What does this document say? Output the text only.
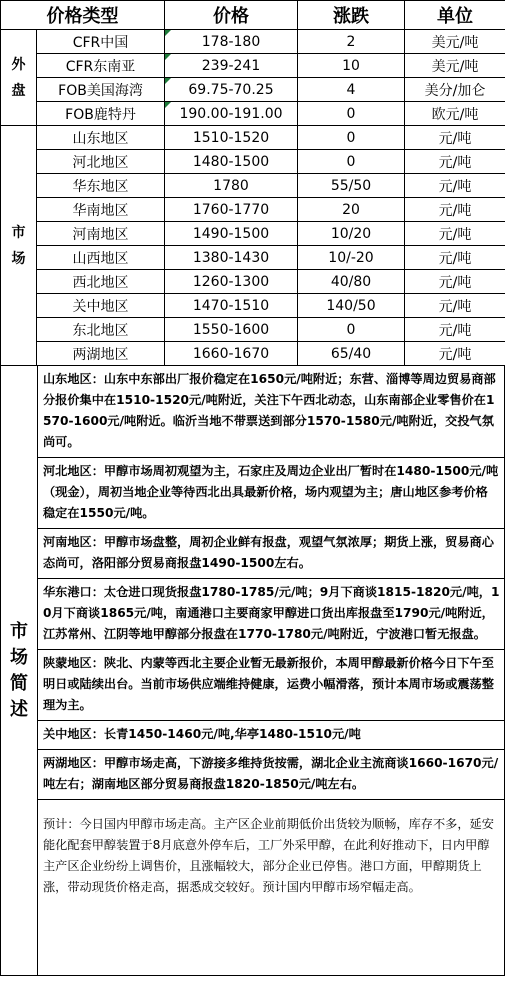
价格类型		价格	涨跌	单位
外
盘	CFR中国	178-180	2	美元/吨
	CFR东南亚	239-241	10	美元/吨
	FOB美国海湾	69.75-70.25	4	美分/加仑
	FOB鹿特丹	190.00-191.00	0	欧元/吨
市
场	山东地区	1510-1520	0	元/吨
	河北地区	1480-1500	0	元/吨
	华东地区	1780	55/50	元/吨
	华南地区	1760-1770	20	元/吨
	河南地区	1490-1500	10/20	元/吨
	山西地区	1380-1430	10/-20	元/吨
	西北地区	1260-1300	40/80	元/吨
	关中地区	1470-1510	140/50	元/吨
	东北地区	1550-1600	0	元/吨
	两湖地区	1660-1670	65/40	元/吨
市
场
简
述
山东地区：山东中东部出厂报价稳定在1650元/吨附近；东营、淄博等周边贸易商部分报价集中在1510-1520元/吨附近，关注下午西北动态，山东南部企业零售价在1570-1600元/吨附近。临沂当地不带票送到部分1570-1580元/吨附近，交投气氛尚可。
河北地区：甲醇市场周初观望为主，石家庄及周边企业出厂暂时在1480-1500元/吨（现金），周初当地企业等待西北出具最新价格，场内观望为主；唐山地区参考价格稳定在1550元/吨。
河南地区：甲醇市场盘整，周初企业鲜有报盘，观望气氛浓厚；期货上涨，贸易商心态尚可，洛阳部分贸易商报盘1490-1500左右。
华东港口：太仓进口现货报盘1780-1785/元/吨；9月下商谈1815-1820元/吨，10月下商谈1865元/吨，南通港口主要商家甲醇进口货出库报盘至1790元/吨附近，江苏常州、江阴等地甲醇部分报盘在1770-1780元/吨附近，宁波港口暂无报盘。
陕蒙地区：陕北、内蒙等西北主要企业暂无最新报价，本周甲醇最新价格今日下午至明日或陆续出台。当前市场供应端维持健康，运费小幅滑落，预计本周市场或震荡整理为主。
关中地区：长青1450-1460元/吨,华亭1480-1510元/吨
两湖地区：甲醇市场走高，下游接多维持货按需，湖北企业主流商谈1660-1670元/吨左右；湖南地区部分贸易商报盘1820-1850元/吨左右。
预计：今日国内甲醇市场走高。主产区企业前期低价出货较为顺畅，库存不多，延安能化配套甲醇装置于8月底意外停车后，工厂外采甲醇，在此利好推动下，日内甲醇主产区企业纷纷上调售价，且涨幅较大，部分企业已停售。港口方面，甲醇期货上涨，带动现货价格走高，据悉成交较好。预计国内甲醇市场窄幅走高。
